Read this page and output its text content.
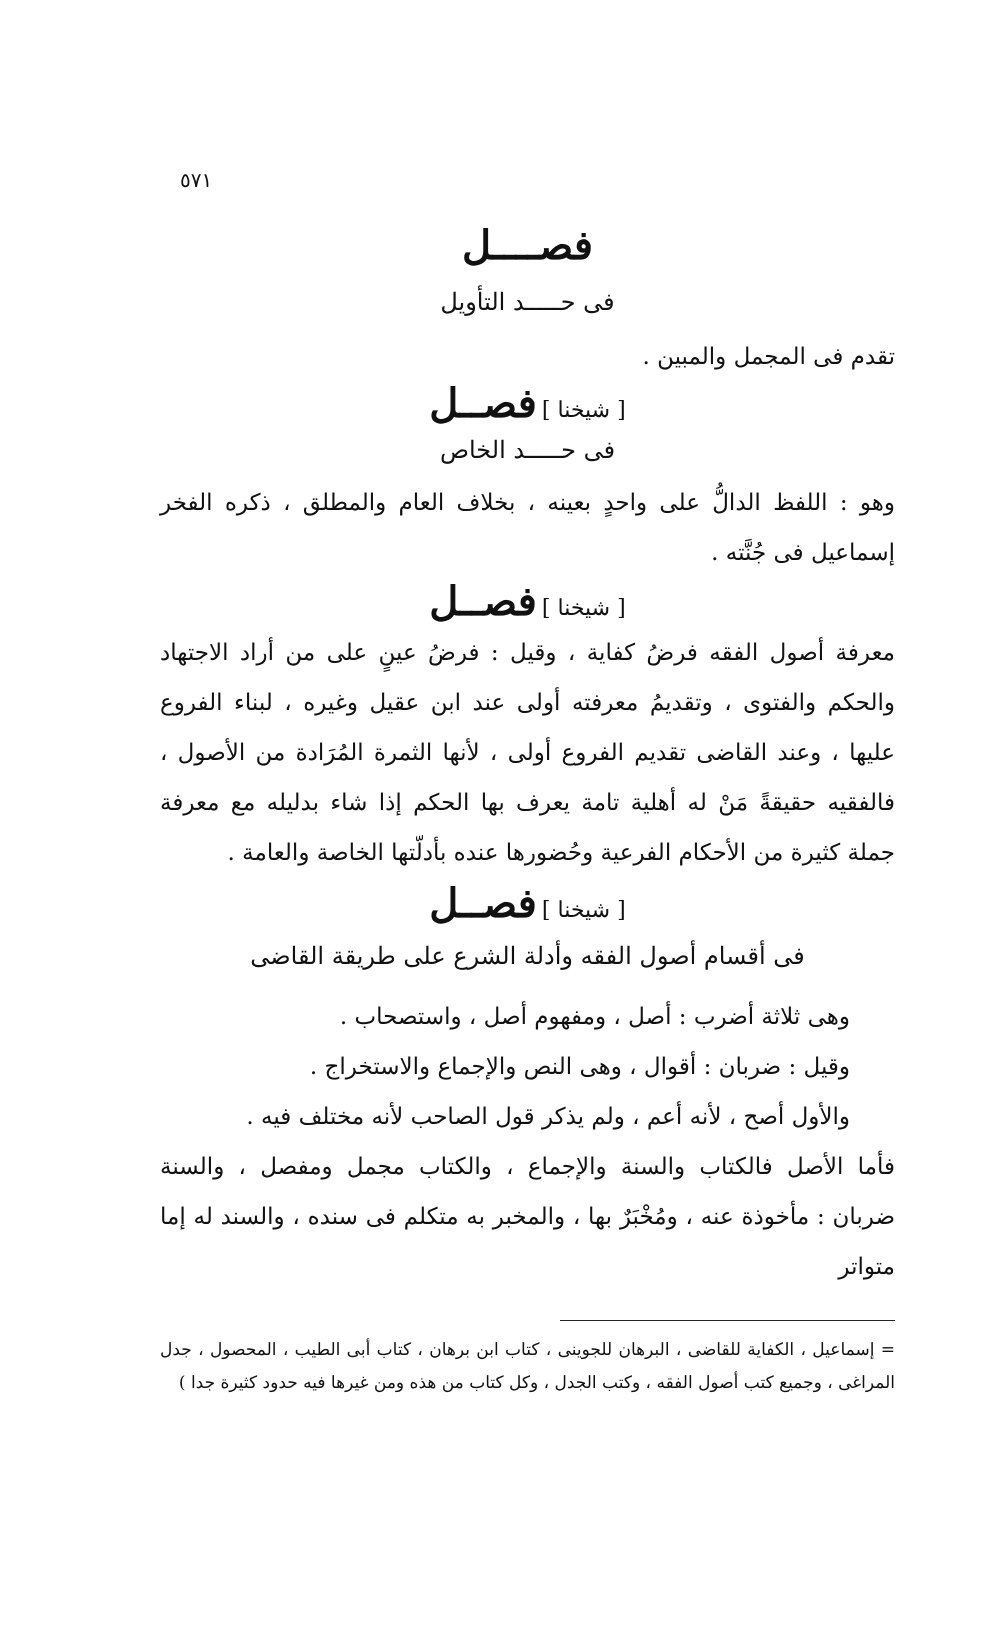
٥٧١
فصــــل
فى حـــــد التأويل
تقدم فى المجمل والمبين .
[ شيخنا ] فصــل
فى حـــــد الخاص
وهو : اللفظ الدالُّ على واحدٍ بعينه ، بخلاف العام والمطلق ، ذكره الفخر إسماعيل فى جُنَّته .
[ شيخنا ] فصــل
معرفة أصول الفقه فرضُ كفاية ، وقيل : فرضُ عينٍ على من أراد الاجتهاد والحكم والفتوى ، وتقديمُ معرفته أولى عند ابن عقيل وغيره ، لبناء الفروع عليها ، وعند القاضى تقديم الفروع أولى ، لأنها الثمرة المُرَادة من الأصول ، فالفقيه حقيقةً مَنْ له أهلية تامة يعرف بها الحكم إذا شاء بدليله مع معرفة جملة كثيرة من الأحكام الفرعية وحُضورها عنده بأدلّتها الخاصة والعامة .
[ شيخنا ] فصــل
فى أقسام أصول الفقه وأدلة الشرع على طريقة القاضى
وهى ثلاثة أضرب : أصل ، ومفهوم أصل ، واستصحاب .
وقيل : ضربان : أقوال ، وهى النص والإجماع والاستخراج .
والأول أصح ، لأنه أعم ، ولم يذكر قول الصاحب لأنه مختلف فيه .
فأما الأصل فالكتاب والسنة والإجماع ، والكتاب مجمل ومفصل ، والسنة ضربان : مأخوذة عنه ، ومُخْبَرٌ بها ، والمخبر به متكلم فى سنده ، والسند له إما متواتر
= إسماعيل ، الكفاية للقاضى ، البرهان للجوينى ، كتاب ابن برهان ، كتاب أبى الطيب ، المحصول ، جدل المراغى ، وجميع كتب أصول الفقه ، وكتب الجدل ، وكل كتاب من هذه ومن غيرها فيه حدود كثيرة جدا )
